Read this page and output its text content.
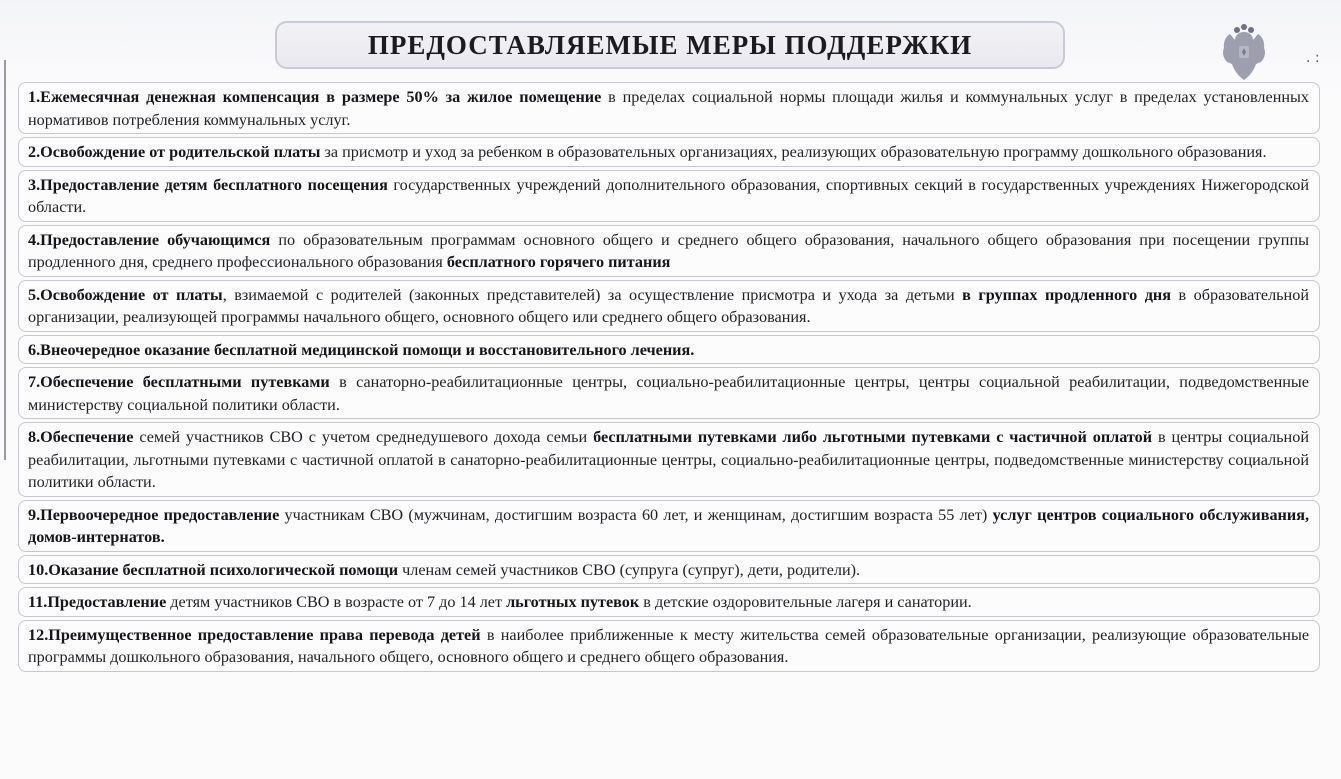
ПРЕДОСТАВЛЯЕМЫЕ МЕРЫ ПОДДЕРЖКИ	. :
1.Ежемесячная денежная компенсация в размере 50% за жилое помещение в пределах социальной нормы площади жилья и коммунальных услуг в пределах установленных нормативов потребления коммунальных услуг.
2.Освобождение от родительской платы за присмотр и уход за ребенком в образовательных организациях, реализующих образовательную программу дошкольного образования.
3.Предоставление детям бесплатного посещения государственных учреждений дополнительного образования, спортивных секций в государственных учреждениях Нижегородской области.
4.Предоставление обучающимся по образовательным программам основного общего и среднего общего образования, начального общего образования при посещении группы продленного дня, среднего профессионального образования бесплатного горячего питания
5.Освобождение от платы, взимаемой с родителей (законных представителей) за осуществление присмотра и ухода за детьми в группах продленного дня в образовательной организации, реализующей программы начального общего, основного общего или среднего общего образования.
6.Внеочередное оказание бесплатной медицинской помощи и восстановительного лечения.
7.Обеспечение бесплатными путевками в санаторно-реабилитационные центры, социально-реабилитационные центры, центры социальной реабилитации, подведомственные министерству социальной политики области.
8.Обеспечение семей участников СВО с учетом среднедушевого дохода семьи бесплатными путевками либо льготными путевками с частичной оплатой в центры социальной реабилитации, льготными путевками с частичной оплатой в санаторно-реабилитационные центры, социально-реабилитационные центры, подведомственные министерству социальной политики области.
9.Первоочередное предоставление участникам СВО (мужчинам, достигшим возраста 60 лет, и женщинам, достигшим возраста 55 лет) услуг центров социального обслуживания, домов-интернатов.
10.Оказание бесплатной психологической помощи членам семей участников СВО (супруга (супруг), дети, родители).
11.Предоставление детям участников СВО в возрасте от 7 до 14 лет льготных путевок в детские оздоровительные лагеря и санатории.
12.Преимущественное предоставление права перевода детей в наиболее приближенные к месту жительства семей образовательные организации, реализующие образовательные программы дошкольного образования, начального общего, основного общего и среднего общего образования.
